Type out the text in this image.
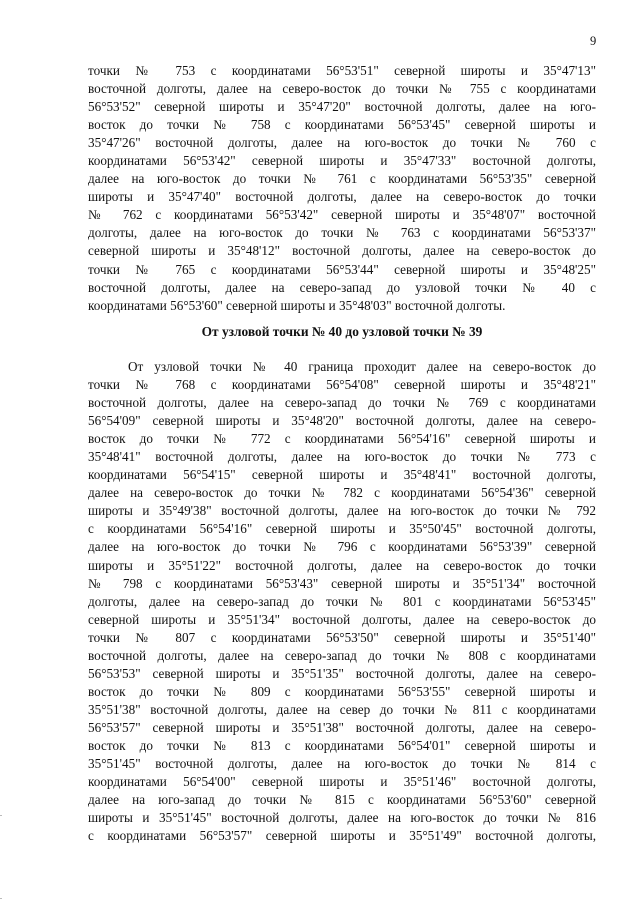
9
точки № 753 с координатами 56°53'51" северной широты и 35°47'13"
восточной долготы, далее на северо-восток до точки № 755 с координатами
56°53'52" северной широты и 35°47'20" восточной долготы, далее на юго-
восток до точки № 758 с координатами 56°53'45" северной широты и
35°47'26" восточной долготы, далее на юго-восток до точки № 760 с
координатами 56°53'42" северной широты и 35°47'33" восточной долготы,
далее на юго-восток до точки № 761 с координатами 56°53'35" северной
широты и 35°47'40" восточной долготы, далее на северо-восток до точки
№ 762 с координатами 56°53'42" северной широты и 35°48'07" восточной
долготы, далее на юго-восток до точки № 763 с координатами 56°53'37"
северной широты и 35°48'12" восточной долготы, далее на северо-восток до
точки № 765 с координатами 56°53'44" северной широты и 35°48'25"
восточной долготы, далее на северо-запад до узловой точки № 40 с
координатами 56°53'60" северной широты и 35°48'03" восточной долготы.
От узловой точки № 40 до узловой точки № 39
От узловой точки № 40 граница проходит далее на северо-восток до
точки № 768 с координатами 56°54'08" северной широты и 35°48'21"
восточной долготы, далее на северо-запад до точки № 769 с координатами
56°54'09" северной широты и 35°48'20" восточной долготы, далее на северо-
восток до точки № 772 с координатами 56°54'16" северной широты и
35°48'41" восточной долготы, далее на юго-восток до точки № 773 с
координатами 56°54'15" северной широты и 35°48'41" восточной долготы,
далее на северо-восток до точки № 782 с координатами 56°54'36" северной
широты и 35°49'38" восточной долготы, далее на юго-восток до точки № 792
с координатами 56°54'16" северной широты и 35°50'45" восточной долготы,
далее на юго-восток до точки № 796 с координатами 56°53'39" северной
широты и 35°51'22" восточной долготы, далее на северо-восток до точки
№ 798 с координатами 56°53'43" северной широты и 35°51'34" восточной
долготы, далее на северо-запад до точки № 801 с координатами 56°53'45"
северной широты и 35°51'34" восточной долготы, далее на северо-восток до
точки № 807 с координатами 56°53'50" северной широты и 35°51'40"
восточной долготы, далее на северо-запад до точки № 808 с координатами
56°53'53" северной широты и 35°51'35" восточной долготы, далее на северо-
восток до точки № 809 с координатами 56°53'55" северной широты и
35°51'38" восточной долготы, далее на север до точки № 811 с координатами
56°53'57" северной широты и 35°51'38" восточной долготы, далее на северо-
восток до точки № 813 с координатами 56°54'01" северной широты и
35°51'45" восточной долготы, далее на юго-восток до точки № 814 с
координатами 56°54'00" северной широты и 35°51'46" восточной долготы,
далее на юго-запад до точки № 815 с координатами 56°53'60" северной
широты и 35°51'45" восточной долготы, далее на юго-восток до точки № 816
с координатами 56°53'57" северной широты и 35°51'49" восточной долготы,
